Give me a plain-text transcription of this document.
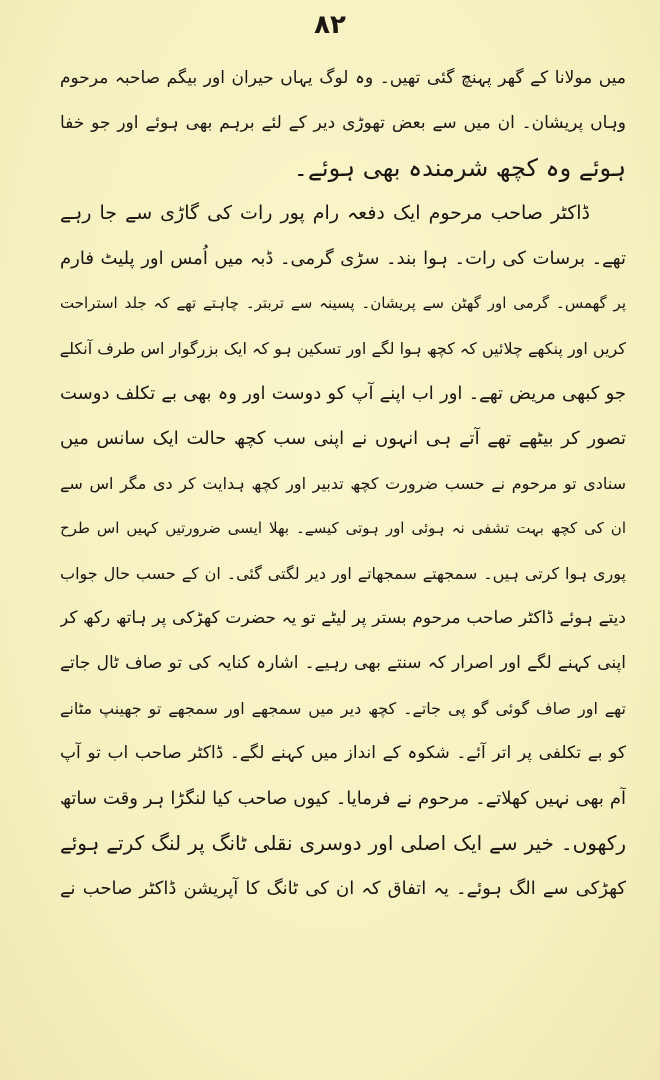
۸۲
میں مولانا کے گھر پہنچ گئی تھیں۔ وہ لوگ یہاں حیران اور بیگم صاحبہ مرحوم
وہاں پریشان۔ ان میں سے بعض تھوڑی دیر کے لئے برہم بھی ہوئے اور جو خفا
ہوئے وہ کچھ شرمندہ بھی ہوئے۔
ڈاکٹر صاحب مرحوم ایک دفعہ رام پور رات کی گاڑی سے جا رہے
تھے۔ برسات کی رات۔ ہوا بند۔ سڑی گرمی۔ ڈبہ میں اُمس اور پلیٹ فارم
پر گھمس۔ گرمی اور گھٹن سے پریشان۔ پسینہ سے تربتر۔ چاہتے تھے کہ جلد استراحت
کریں اور پنکھے چلائیں کہ کچھ ہوا لگے اور تسکین ہو کہ ایک بزرگوار اس طرف آنکلے
جو کبھی مریض تھے۔ اور اب اپنے آپ کو دوست اور وہ بھی بے تکلف دوست
تصور کر بیٹھے تھے آتے ہی انہوں نے اپنی سب کچھ حالت ایک سانس میں
سنادی تو مرحوم نے حسب ضرورت کچھ تدبیر اور کچھ ہدایت کر دی مگر اس سے
ان کی کچھ بہت تشفی نہ ہوئی اور ہوتی کیسے۔ بھلا ایسی ضرورتیں کہیں اس طرح
پوری ہوا کرتی ہیں۔ سمجھتے سمجھاتے اور دیر لگتی گئی۔ ان کے حسب حال جواب
دیتے ہوئے ڈاکٹر صاحب مرحوم بستر پر لیٹے تو یہ حضرت کھڑکی پر ہاتھ رکھ کر
اپنی کہنے لگے اور اصرار کہ سنتے بھی رہیے۔ اشارہ کنایہ کی تو صاف ٹال جاتے
تھے اور صاف گوئی گو پی جاتے۔ کچھ دیر میں سمجھے اور سمجھے تو جھینپ مٹانے
کو بے تکلفی پر اتر آئے۔ شکوہ کے انداز میں کہنے لگے۔ ڈاکٹر صاحب اب تو آپ
آم بھی نہیں کھلاتے۔ مرحوم نے فرمایا۔ کیوں صاحب کیا لنگڑا ہر وقت ساتھ
رکھوں۔ خیر سے ایک اصلی اور دوسری نقلی ٹانگ پر لنگ کرتے ہوئے
کھڑکی سے الگ ہوئے۔ یہ اتفاق کہ ان کی ٹانگ کا آپریشن ڈاکٹر صاحب نے
